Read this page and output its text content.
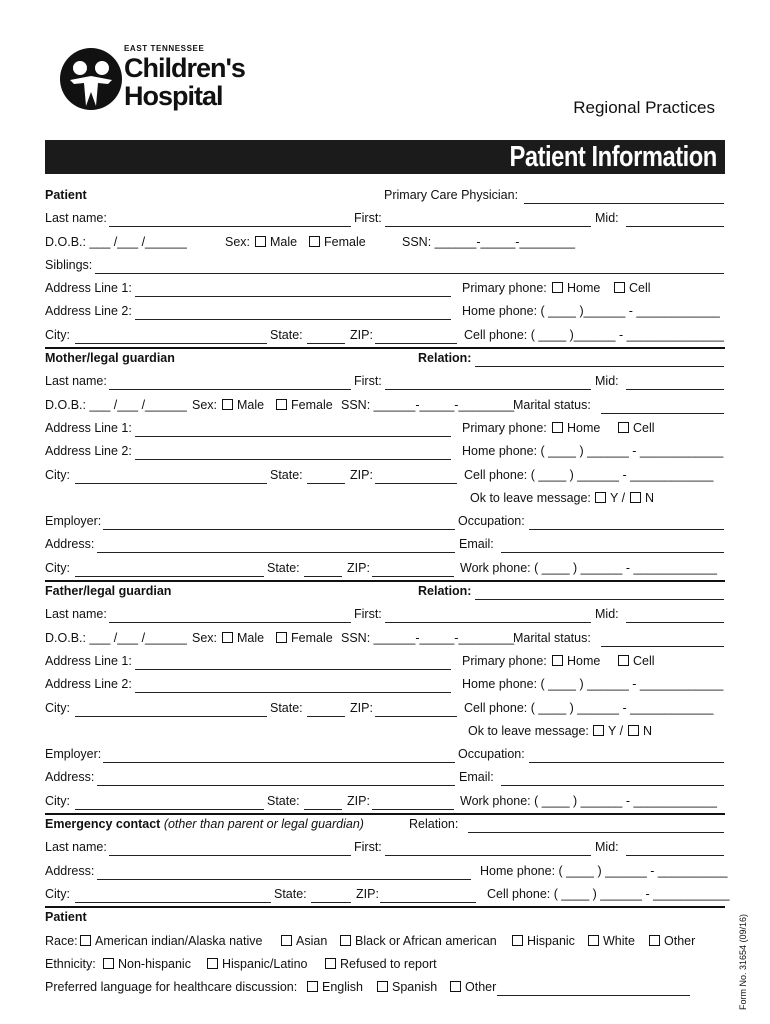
EAST TENNESSEE
Children's
Hospital	Regional Practices
Patient Information
Patient	Primary Care Physician:
Last name:	First:	Mid:
D.O.B.: ___ /___ /______	Sex:	Male	Female	SSN: ______-_____-________
Siblings:
Address Line 1:	Primary phone:	Home	Cell
Address Line 2:	Home phone: ( ____ )______ - ____________
City:	State:	ZIP:	Cell phone: ( ____ )______ - ______________
Mother/legal guardian	Relation:
Last name:	First:	Mid:
D.O.B.: ___ /___ /______ Sex:	Male	Female SSN: ______-_____-________
Marital status:
Address Line 1:	Primary phone:	Home	Cell
Address Line 2:	Home phone: ( ____ ) ______ - ____________
City:	State:	ZIP:	Cell phone: ( ____ ) ______ - ____________
Ok to leave message:	Y /	N
Employer:	Occupation:
Address:	Email:
City:	State:	ZIP:	Work phone: ( ____ ) ______ - ____________
Father/legal guardian	Relation:
Last name:	First:	Mid:
D.O.B.: ___ /___ /______ Sex:	Male	Female SSN: ______-_____-________
Marital status:
Address Line 1:	Primary phone:	Home	Cell
Address Line 2:	Home phone: ( ____ ) ______ - ____________
City:	State:	ZIP:	Cell phone: ( ____ ) ______ - ____________
Ok to leave message:	Y /	N
Employer:	Occupation:
Address:	Email:
City:	State:	ZIP:	Work phone: ( ____ ) ______ - ____________
Emergency contact (other than parent or legal guardian)	Relation:
Last name:	First:	Mid:
Address:	Home phone: ( ____ ) ______ - __________
City:	State:	ZIP:	Cell phone: ( ____ ) ______ - ___________
Patient
Race:	American indian/Alaska native	Asian	Black or African american	Hispanic	White	Other
Ethnicity:	Non-hispanic	Hispanic/Latino	Refused to report
Preferred language for healthcare discussion:	English	Spanish	Other	Form No. 31654 (09/16)
